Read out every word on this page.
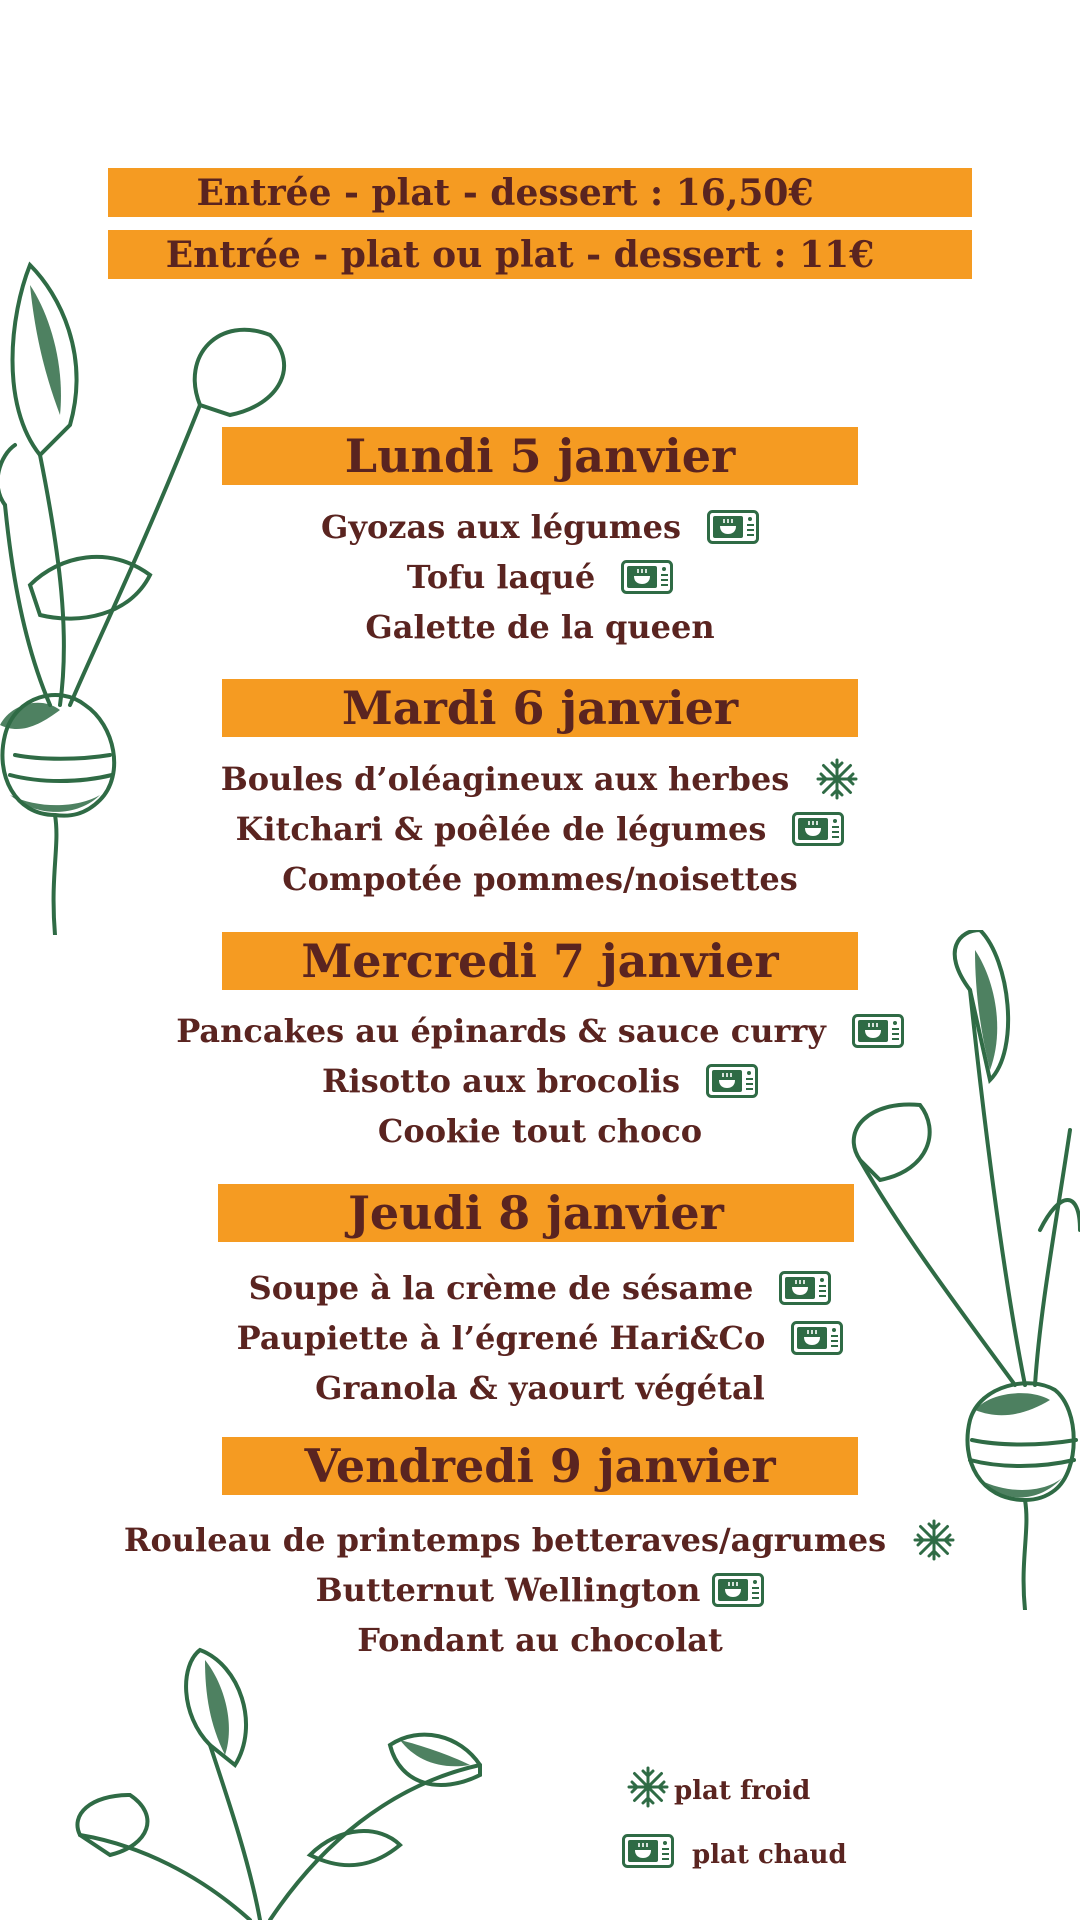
Entrée - plat - dessert : 16,50€
Entrée - plat ou plat - dessert : 11€
Lundi 5 janvier
Gyozas aux légumes
Tofu laqué
Galette de la queen
Mardi 6 janvier
Boules d’oléagineux aux herbes
Kitchari & poêlée de légumes
Compotée pommes/noisettes
Mercredi 7 janvier
Pancakes au épinards & sauce curry
Risotto aux brocolis
Cookie tout choco
Jeudi 8 janvier
Soupe à la crème de sésame
Paupiette à l’égrené Hari&Co
Granola & yaourt végétal
Vendredi 9 janvier
Rouleau de printemps betteraves/agrumes
Butternut Wellington
Fondant au chocolat
plat froid
plat chaud
